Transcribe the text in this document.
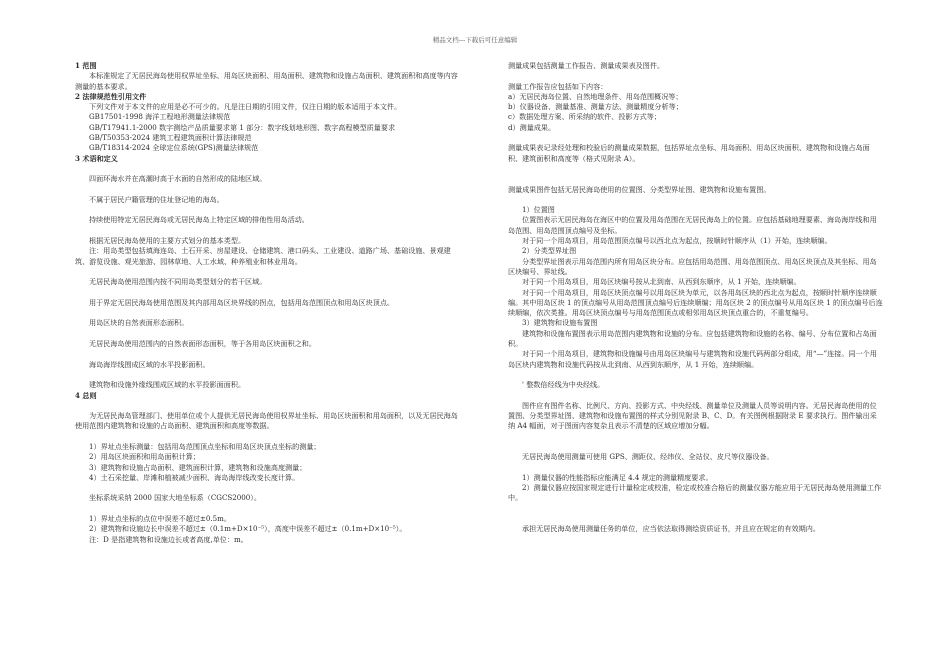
精品文档---下载后可任意编辑
1 范围
本标准规定了无居民海岛使用权界址坐标、用岛区块面积、用岛面积、建筑物和设施占岛面积、建筑面积和高度等内容测量的基本要求。
2 法律规范性引用文件
下列文件对于本文件的应用是必不可少的。凡是注日期的引用文件，仅注日期的版本适用于本文件。
GB17501-1998 海洋工程地形测量法律规范
GB/T17941.1-2000 数字测绘产品质量要求第 1 部分：数字线划地形图、数字高程模型质量要求
GB/T50353-2024 建筑工程建筑面积计算法律规范
GB/T18314-2024 全球定位系统(GPS)测量法律规范
3 术语和定义
四面环海水并在高潮时高于水面的自然形成的陆地区域。
不属于居民户籍管理的住址登记地的海岛。
持续使用特定无居民海岛或无居民海岛上特定区域的排他性用岛活动。
根据无居民海岛使用的主要方式划分的基本类型。
注：用岛类型包括填海连岛、土石开采、房屋建设、仓储建筑、港口码头、工业建设、道路广场、基础设施、景观建筑、游览设施、观光旅游、园林草地、人工水域、种养殖业和林业用岛。
无居民海岛使用范围内按不同用岛类型划分的若干区域。
用于界定无居民海岛使用范围及其内部用岛区块界线的拐点，包括用岛范围顶点和用岛区块顶点。
用岛区块的自然表面形态面积。
无居民海岛使用范围内的自然表面形态面积，等于各用岛区块面积之和。
海岛海岸线围成区域的水平投影面积。
建筑物和设施外缘线围成区域的水平投影面面积。
4 总则
为无居民海岛管理部门、使用单位或个人提供无居民海岛使用权界址坐标、用岛区块面积和用岛面积，以及无居民海岛使用范围内建筑物和设施的占岛面积、建筑面积和高度等数据。
1）界址点坐标测量：包括用岛范围顶点坐标和用岛区块顶点坐标的测量；
2）用岛区块面积和用岛面积计算；
3）建筑物和设施占岛面积、建筑面积计算，建筑物和设施高度测量；
4）土石采挖量、岸滩和植被减少面积、海岛海岸线改变长度计算。
坐标系统采纳 2000 国家大地坐标系（CGCS2000）。
1）界址点坐标的点位中误差不超过±0.5m。
2）建筑物和设施边长中误差不超过±（0.1m+D×10⁻⁵），高度中误差不超过±（0.1m+D×10⁻⁵）。
注：D 是指建筑物和设施边长或者高度,单位：m。
测量成果包括测量工作报告、测量成果表及图件。
测量工作报告应包括如下内容：
a）无居民海岛位置、自然地理条件、用岛范围概况等；
b）仪器设备、测量基准、测量方法、测量精度分析等；
c）数据处理方案、所采纳的软件、投影方式等；
d）测量成果。
测量成果表记录经处理和校验后的测量成果数据，包括界址点坐标、用岛面积、用岛区块面积、建筑物和设施占岛面积、建筑面积和高度等（格式见附录 A）。
测量成果图件包括无居民海岛使用的位置图、分类型界址图、建筑物和设施布置图。
1）位置图
位置图表示无居民海岛在海区中的位置及用岛范围在无居民海岛上的位置。应包括基础地理要素、海岛海岸线和用岛范围、用岛范围顶点编号及坐标。
对于同一个用岛项目，用岛范围顶点编号以西北点为起点，按顺时针顺序从（1）开始，连续顺编。
2）分类型界址图
分类型界址图表示用岛范围内所有用岛区块分布。应包括用岛范围、用岛范围顶点、用岛区块顶点及其坐标、用岛区块编号、界址线。
对于同一个用岛项目，用岛区块编号按从北到南、从西到东顺序，从 1 开始，连续顺编。
对于同一个用岛项目，用岛区块顶点编号以用岛区块为单元，以各用岛区块的西北点为起点，按顺时针顺序连续顺编。其中用岛区块 1 的顶点编号从用岛范围顶点编号后连续顺编；用岛区块 2 的顶点编号从用岛区块 1 的顶点编号后连续顺编，依次类推。用岛区块顶点编号与用岛范围顶点或相邻用岛区块顶点重合的，不重复编号。
3）建筑物和设施布置图
建筑物和设施布置图表示用岛范围内建筑物和设施的分布。应包括建筑物和设施的名称、编号、分布位置和占岛面积。
对于同一个用岛项目，建筑物和设施编号由用岛区块编号与建筑物和设施代码两部分组成，用“—”连接。同一个用岛区块内建筑物和设施代码按从北到南、从西到东顺序，从 1 开始，连续顺编。
' 整数倍经线为中央经线。
图件应有图件名称、比例尺、方向、投影方式、中央经线、测量单位及测量人员等说明内容。无居民海岛使用的位置图、分类型界址图、建筑物和设施布置图的样式分别见附录 B、C、D。有关图例根据附录 E 要求执行。图件输出采纳 A4 幅面，对于图面内容复杂且表示不清楚的区域应增加分幅。
无居民海岛使用测量可使用 GPS、测距仪、经纬仪、全站仪、皮尺等仪器设备。
1）测量仪器的性能指标应能满足 4.4 规定的测量精度要求。
2）测量仪器应按国家规定进行计量检定或校准，检定或校准合格后的测量仪器方能应用于无居民海岛使用测量工作中。
承担无居民海岛使用测量任务的单位，应当依法取得测绘资质证书，并且应在规定的有效期内。
